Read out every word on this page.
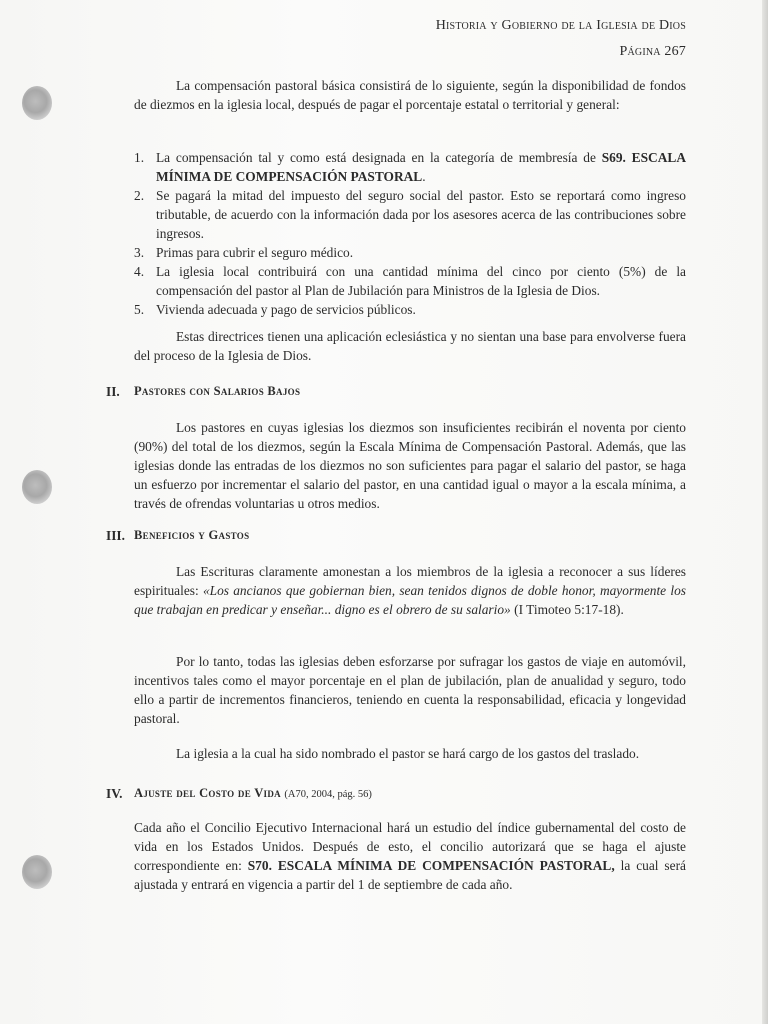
Historia y Gobierno de la Iglesia de Dios
Página 267

La compensación pastoral básica consistirá de lo siguiente, según la disponibilidad de fondos de diezmos en la iglesia local, después de pagar el porcentaje estatal o territorial y general:

1. La compensación tal y como está designada en la categoría de membresía de S69. ESCALA MÍNIMA DE COMPENSACIÓN PASTORAL.
2. Se pagará la mitad del impuesto del seguro social del pastor. Esto se reportará como ingreso tributable, de acuerdo con la información dada por los asesores acerca de las contribuciones sobre ingresos.
3. Primas para cubrir el seguro médico.
4. La iglesia local contribuirá con una cantidad mínima del cinco por ciento (5%) de la compensación del pastor al Plan de Jubilación para Ministros de la Iglesia de Dios.
5. Vivienda adecuada y pago de servicios públicos.

Estas directrices tienen una aplicación eclesiástica y no sientan una base para envolverse fuera del proceso de la Iglesia de Dios.

II.	Pastores con Salarios Bajos

Los pastores en cuyas iglesias los diezmos son insuficientes recibirán el noventa por ciento (90%) del total de los diezmos, según la Escala Mínima de Compensación Pastoral. Además, que las iglesias donde las entradas de los diezmos no son suficientes para pagar el salario del pastor, se haga un esfuerzo por incrementar el salario del pastor, en una cantidad igual o mayor a la escala mínima, a través de ofrendas voluntarias u otros medios.

III. Beneficios y Gastos

Las Escrituras claramente amonestan a los miembros de la iglesia a reconocer a sus líderes espirituales: «Los ancianos que gobiernan bien, sean tenidos dignos de doble honor, mayormente los que trabajan en predicar y enseñar... digno es el obrero de su salario» (I Timoteo 5:17-18).

Por lo tanto, todas las iglesias deben esforzarse por sufragar los gastos de viaje en automóvil, incentivos tales como el mayor porcentaje en el plan de jubilación, plan de anualidad y seguro, todo ello a partir de incrementos financieros, teniendo en cuenta la responsabilidad, eficacia y longevidad pastoral.

La iglesia a la cual ha sido nombrado el pastor se hará cargo de los gastos del traslado.

IV. Ajuste del Costo de Vida (A70, 2004, pág. 56)

Cada año el Concilio Ejecutivo Internacional hará un estudio del índice gubernamental del costo de vida en los Estados Unidos. Después de esto, el concilio autorizará que se haga el ajuste correspondiente en: S70. ESCALA MÍNIMA DE COMPENSACIÓN PASTORAL, la cual será ajustada y entrará en vigencia a partir del 1 de septiembre de cada año.
